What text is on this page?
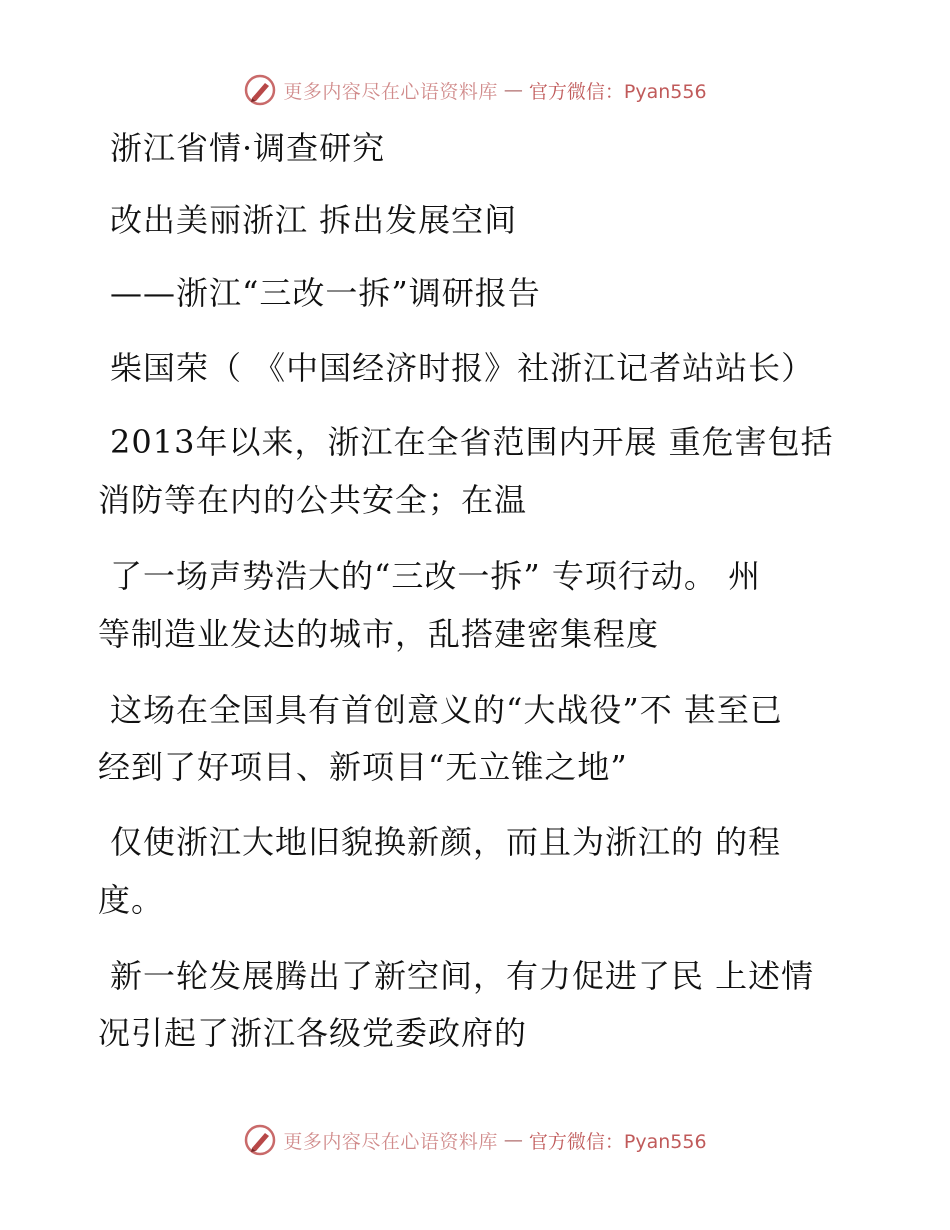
更多内容尽在心语资料库 — 官方微信：Pyan556
浙江省情·调查研究
改出美丽浙江 拆出发展空间
——浙江“三改一拆”调研报告
柴国荣（ 《中国经济时报》社浙江记者站站长）
2013年以来，浙江在全省范围内开展 重危害包括
消防等在内的公共安全；在温
了一场声势浩大的“三改一拆” 专项行动。 州
等制造业发达的城市，乱搭建密集程度
这场在全国具有首创意义的“大战役”不 甚至已
经到了好项目、新项目“无立锥之地”
仅使浙江大地旧貌换新颜，而且为浙江的 的程
度。
新一轮发展腾出了新空间，有力促进了民 上述情
况引起了浙江各级党委政府的
更多内容尽在心语资料库 — 官方微信：Pyan556
